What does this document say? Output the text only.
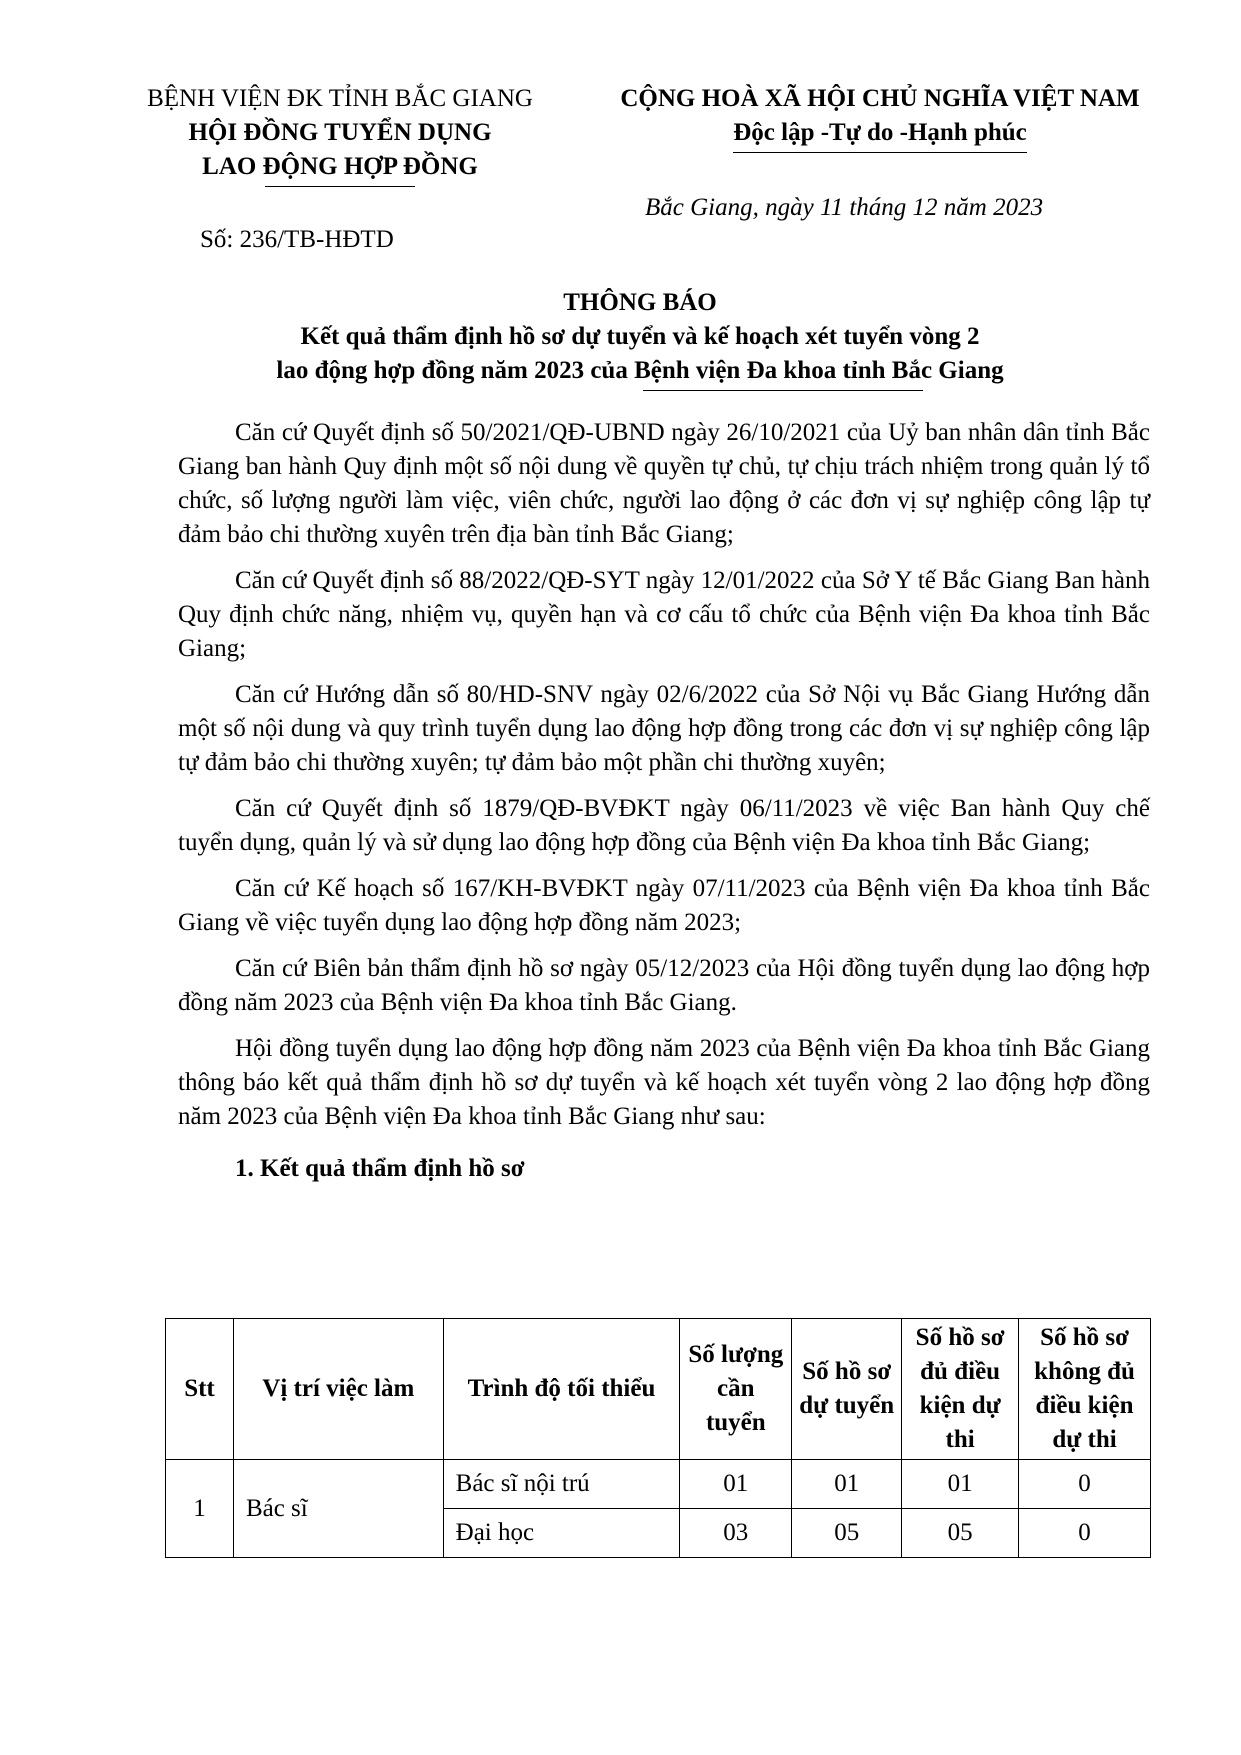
BỆNH VIỆN ĐK TỈNH BẮC GIANG
HỘI ĐỒNG TUYỂN DỤNG
LAO ĐỘNG HỢP ĐỒNG
CỘNG HOÀ XÃ HỘI CHỦ NGHĨA VIỆT NAM
Độc lập -Tự do -Hạnh phúc
Bắc Giang, ngày 11 tháng 12 năm 2023
Số: 236/TB-HĐTD
THÔNG BÁO
Kết quả thẩm định hồ sơ dự tuyển và kế hoạch xét tuyển vòng 2
lao động hợp đồng năm 2023 của Bệnh viện Đa khoa tỉnh Bắc Giang

Căn cứ Quyết định số 50/2021/QĐ-UBND ngày 26/10/2021 của Uỷ ban nhân dân tỉnh Bắc Giang ban hành Quy định một số nội dung về quyền tự chủ, tự chịu trách nhiệm trong quản lý tổ chức, số lượng người làm việc, viên chức, người lao động ở các đơn vị sự nghiệp công lập tự đảm bảo chi thường xuyên trên địa bàn tỉnh Bắc Giang;

Căn cứ Quyết định số 88/2022/QĐ-SYT ngày 12/01/2022 của Sở Y tế Bắc Giang Ban hành Quy định chức năng, nhiệm vụ, quyền hạn và cơ cấu tổ chức của Bệnh viện Đa khoa tỉnh Bắc Giang;

Căn cứ Hướng dẫn số 80/HD-SNV ngày 02/6/2022 của Sở Nội vụ Bắc Giang Hướng dẫn một số nội dung và quy trình tuyển dụng lao động hợp đồng trong các đơn vị sự nghiệp công lập tự đảm bảo chi thường xuyên; tự đảm bảo một phần chi thường xuyên;

Căn cứ Quyết định số 1879/QĐ-BVĐKT ngày 06/11/2023 về việc Ban hành Quy chế tuyển dụng, quản lý và sử dụng lao động hợp đồng của Bệnh viện Đa khoa tỉnh Bắc Giang;

Căn cứ Kế hoạch số 167/KH-BVĐKT ngày 07/11/2023 của Bệnh viện Đa khoa tỉnh Bắc Giang về việc tuyển dụng lao động hợp đồng năm 2023;

Căn cứ Biên bản thẩm định hồ sơ ngày 05/12/2023 của Hội đồng tuyển dụng lao động hợp đồng năm 2023 của Bệnh viện Đa khoa tỉnh Bắc Giang.

Hội đồng tuyển dụng lao động hợp đồng năm 2023 của Bệnh viện Đa khoa tỉnh Bắc Giang thông báo kết quả thẩm định hồ sơ dự tuyển và kế hoạch xét tuyển vòng 2 lao động hợp đồng năm 2023 của Bệnh viện Đa khoa tỉnh Bắc Giang như sau:

1. Kết quả thẩm định hồ sơ
Stt	Vị trí việc làm	Trình độ tối thiểu	Số lượng cần tuyển	Số hồ sơ dự tuyển	Số hồ sơ đủ điều kiện dự thi	Số hồ sơ không đủ điều kiện dự thi
1	Bác sĩ	Bác sĩ nội trú	01	01	01	0
		Đại học	03	05	05	0
